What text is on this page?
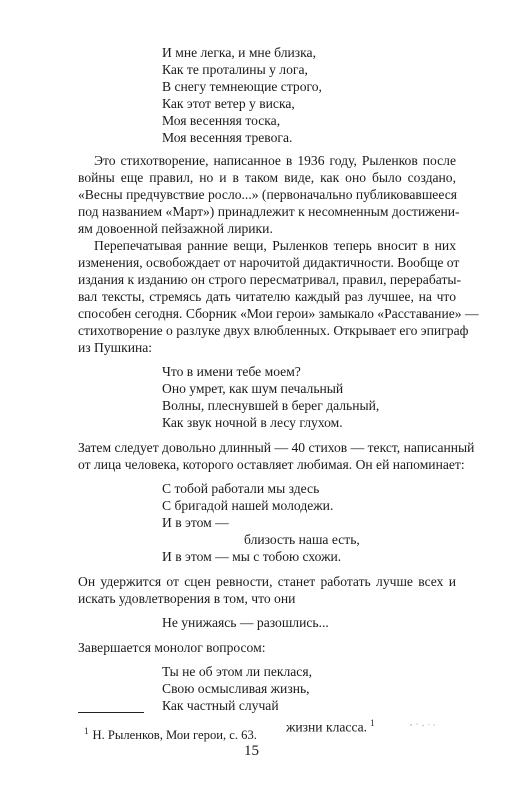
И мне легка, и мне близка,
Как те проталины у лога,
В снегу темнеющие строго,
Как этот ветер у виска,
Моя весенняя тоска,
Моя весенняя тревога.
Это стихотворение, написанное в 1936 году, Рыленков после
войны еще правил, но и в таком виде, как оно было создано,
«Весны предчувствие росло...» (первоначально публиковавшееся
под названием «Март») принадлежит к несомненным достижени-
ям довоенной пейзажной лирики.
Перепечатывая ранние вещи, Рыленков теперь вносит в них
изменения, освобождает от нарочитой дидактичности. Вообще от
издания к изданию он строго пересматривал, правил, перерабаты-
вал тексты, стремясь дать читателю каждый раз лучшее, на что
способен сегодня. Сборник «Мои герои» замыкало «Расставание» —
стихотворение о разлуке двух влюбленных. Открывает его эпиграф
из Пушкина:
Что в имени тебе моем?
Оно умрет, как шум печальный
Волны, плеснувшей в берег дальный,
Как звук ночной в лесу глухом.
Затем следует довольно длинный — 40 стихов — текст, написанный
от лица человека, которого оставляет любимая. Он ей напоминает:
С тобой работали мы здесь
С бригадой нашей молодежи.
И в этом —
близость наша есть,
И в этом — мы с тобою схожи.
Он удержится от сцен ревности, станет работать лучше всех и
искать удовлетворения в том, что они
Не унижаясь — разошлись...
Завершается монолог вопросом:
Ты не об этом ли пеклася,
Свою осмысливая жизнь,
Как частный случай
жизни класса. $^1$
$^1$ Н. Рыленков, Мои герои, с. 63.
15
